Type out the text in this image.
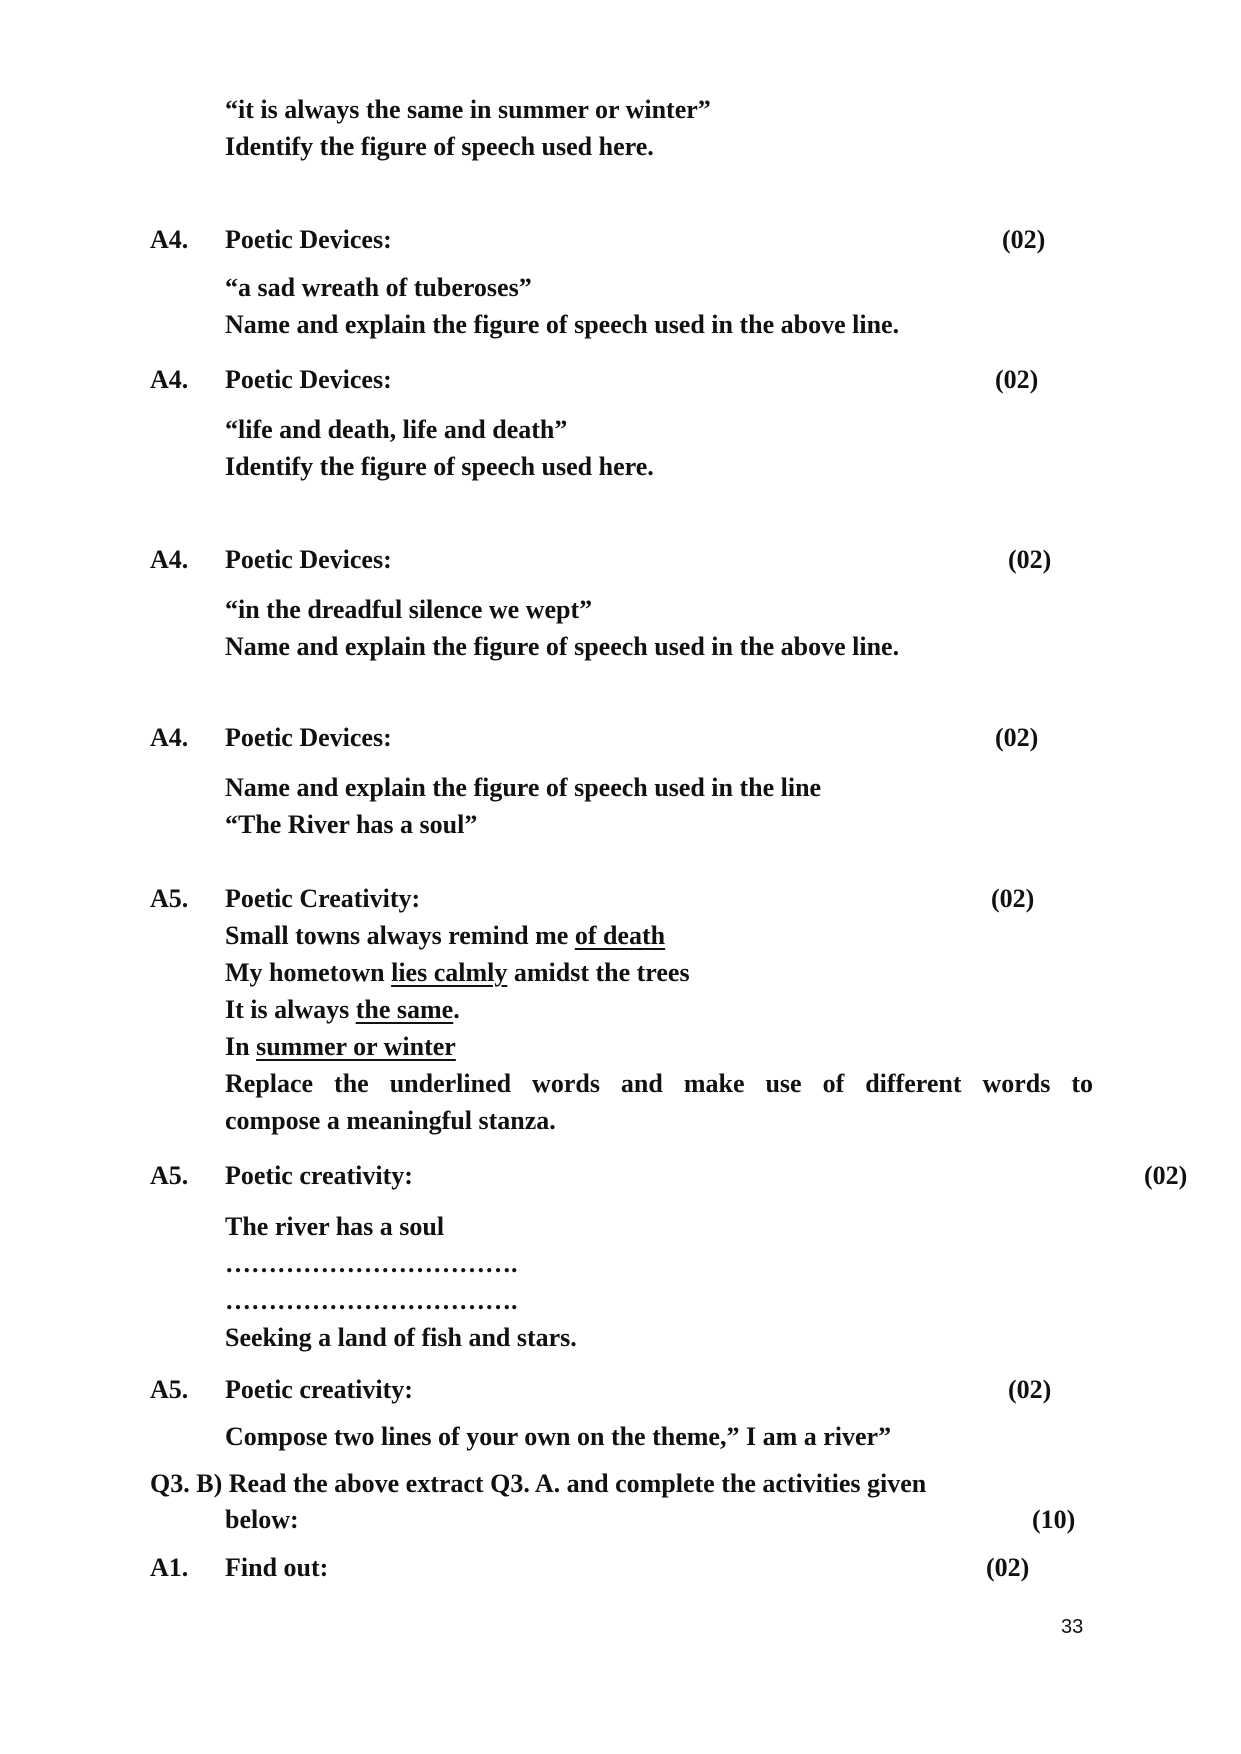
“it is always the same in summer or winter”
Identify the figure of speech used here.
A4. Poetic Devices:	(02)
“a sad wreath of tuberoses”
Name and explain the figure of speech used in the above line.
A4. Poetic Devices:	(02)
“life and death, life and death”
Identify the figure of speech used here.
A4. Poetic Devices:	(02)
“in the dreadful silence we wept”
Name and explain the figure of speech used in the above line.
A4. Poetic Devices:	(02)
Name and explain the figure of speech used in the line
“The River has a soul”
A5. Poetic Creativity:	(02)
Small towns always remind me of death
My hometown lies calmly amidst the trees
It is always the same.
In summer or winter
Replace the underlined words and make use of different words to
compose a meaningful stanza.
A5. Poetic creativity:	(02)
The river has a soul
…………………………….
…………………………….
Seeking a land of fish and stars.
A5. Poetic creativity:	(02)
Compose two lines of your own on the theme,” I am a river”
Q3. B) Read the above extract Q3. A. and complete the activities given
below:	(10)
A1. Find out:	(02)
33
